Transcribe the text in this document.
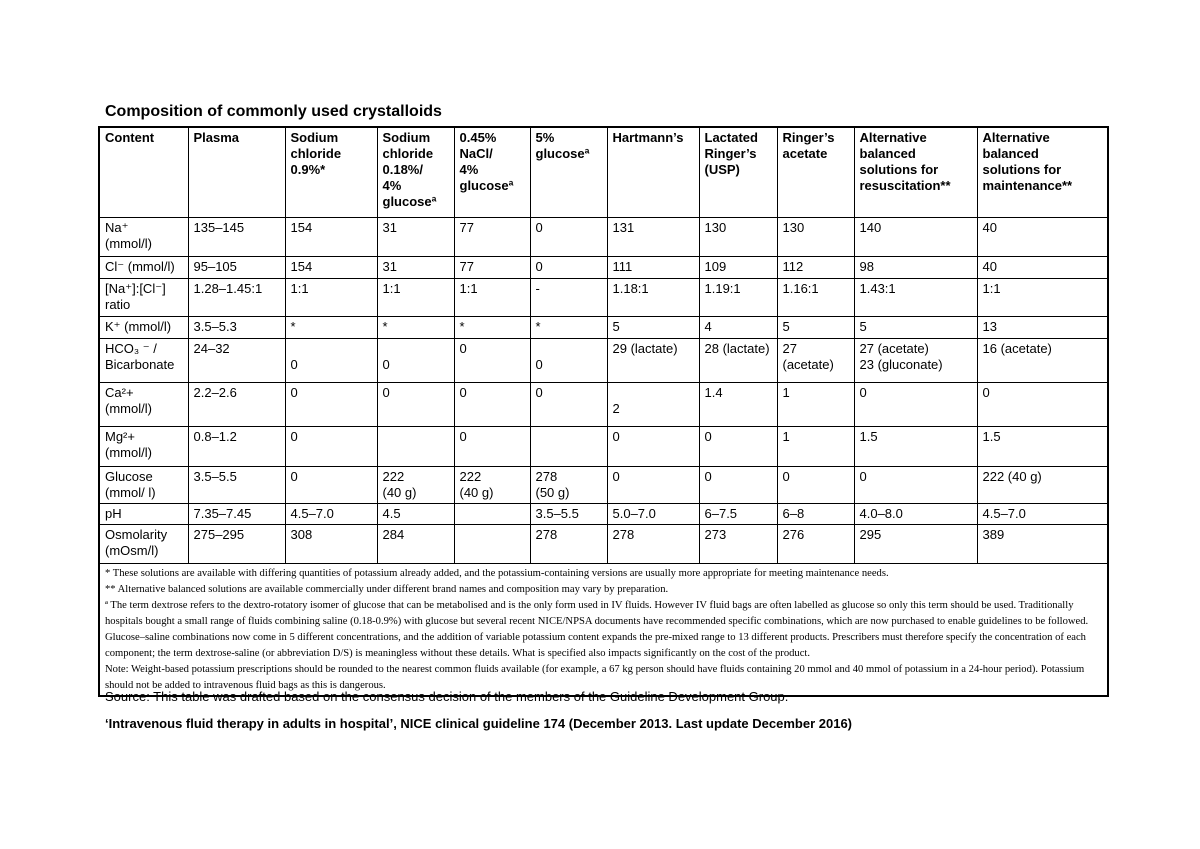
Composition of commonly used crystalloids
Content	Plasma	Sodium
chloride
0.9%*	Sodium
chloride
0.18%/
4%
glucoseª	0.45%
NaCl/
4%
glucoseª	5%
glucoseª	Hartmann’s	Lactated
Ringer’s
(USP)	Ringer’s
acetate	Alternative
balanced
solutions for
resuscitation**	Alternative
balanced
solutions for
maintenance**

Na⁺
(mmol/l)	135–145	154	31	77	0	131	130	130	140	40

Cl⁻ (mmol/l)	95–105	154	31	77	0	111	109	112	98	40

[Na⁺]:[Cl⁻]
ratio	1.28–1.45:1	1:1	1:1	1:1	-	1.18:1	1.19:1	1.16:1	1.43:1	1:1

K⁺ (mmol/l)	3.5–5.3	*	*	*	*	5	4	5	5	13

HCO₃ ⁻ /
Bicarbonate	24–32	0	0	0	0	29 (lactate)	28 (lactate)	27 (acetate)	27 (acetate)
23 (gluconate)	16 (acetate)

Ca²+
(mmol/l)	2.2–2.6	0	0	0	0	2	1.4	1	0	0

Mg²+
(mmol/l)	0.8–1.2	0		0		0	0	1	1.5	1.5

Glucose
(mmol/ l)	3.5–5.5	0	222
(40 g)	222
(40 g)	278
(50 g)	0	0	0	0	222 (40 g)

pH	7.35–7.45	4.5–7.0	4.5		3.5–5.5	5.0–7.0	6–7.5	6–8	4.0–8.0	4.5–7.0

Osmolarity
(mOsm/l)	275–295	308	284		278	278	273	276	295	389

* These solutions are available with differing quantities of potassium already added, and the potassium-containing versions are usually more appropriate for meeting maintenance needs.

** Alternative balanced solutions are available commercially under different brand names and composition may vary by preparation.

ª The term dextrose refers to the dextro-rotatory isomer of glucose that can be metabolised and is the only form used in IV fluids. However IV fluid bags are often labelled as glucose so only this term should be used. Traditionally hospitals bought a small range of fluids combining saline (0.18-0.9%) with glucose but several recent NICE/NPSA documents have recommended specific combinations, which are now purchased to enable guidelines to be followed. Glucose–saline combinations now come in 5 different concentrations, and the addition of variable potassium content expands the pre-mixed range to 13 different products. Prescribers must therefore specify the concentration of each component; the term dextrose-saline (or abbreviation D/S) is meaningless without these details. What is specified also impacts significantly on the cost of the product.

Note: Weight-based potassium prescriptions should be rounded to the nearest common fluids available (for example, a 67 kg person should have fluids containing 20 mmol and 40 mmol of potassium in a 24-hour period). Potassium should not be added to intravenous fluid bags as this is dangerous.										

Source: This table was drafted based on the consensus decision of the members of the Guideline Development Group.
‘Intravenous fluid therapy in adults in hospital’, NICE clinical guideline 174 (December 2013. Last update December 2016)
